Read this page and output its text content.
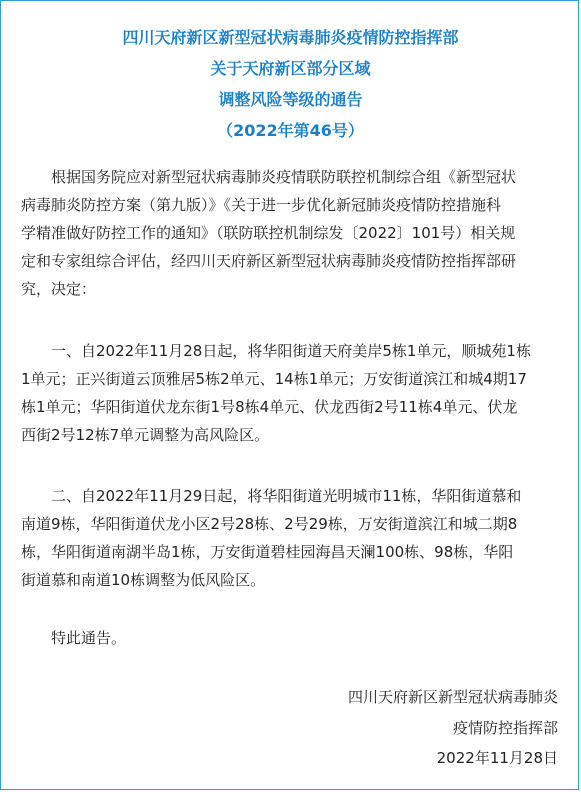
四川天府新区新型冠状病毒肺炎疫情防控指挥部
关于天府新区部分区域
调整风险等级的通告
（2022年第46号）
根据国务院应对新型冠状病毒肺炎疫情联防联控机制综合组《新型冠状
病毒肺炎防控方案（第九版）》《关于进一步优化新冠肺炎疫情防控措施科
学精准做好防控工作的通知》（联防联控机制综发〔2022〕101号）相关规
定和专家组综合评估，经四川天府新区新型冠状病毒肺炎疫情防控指挥部研
究，决定：
一、自2022年11月28日起，将华阳街道天府美岸5栋1单元，顺城苑1栋
1单元；正兴街道云顶雅居5栋2单元、14栋1单元；万安街道滨江和城4期17
栋1单元；华阳街道伏龙东街1号8栋4单元、伏龙西街2号11栋4单元、伏龙
西街2号12栋7单元调整为高风险区。
二、自2022年11月29日起，将华阳街道光明城市11栋，华阳街道慕和
南道9栋，华阳街道伏龙小区2号28栋、2号29栋，万安街道滨江和城二期8
栋，华阳街道南湖半岛1栋，万安街道碧桂园海昌天澜100栋、98栋，华阳
街道慕和南道10栋调整为低风险区。
特此通告。
四川天府新区新型冠状病毒肺炎
疫情防控指挥部
2022年11月28日
